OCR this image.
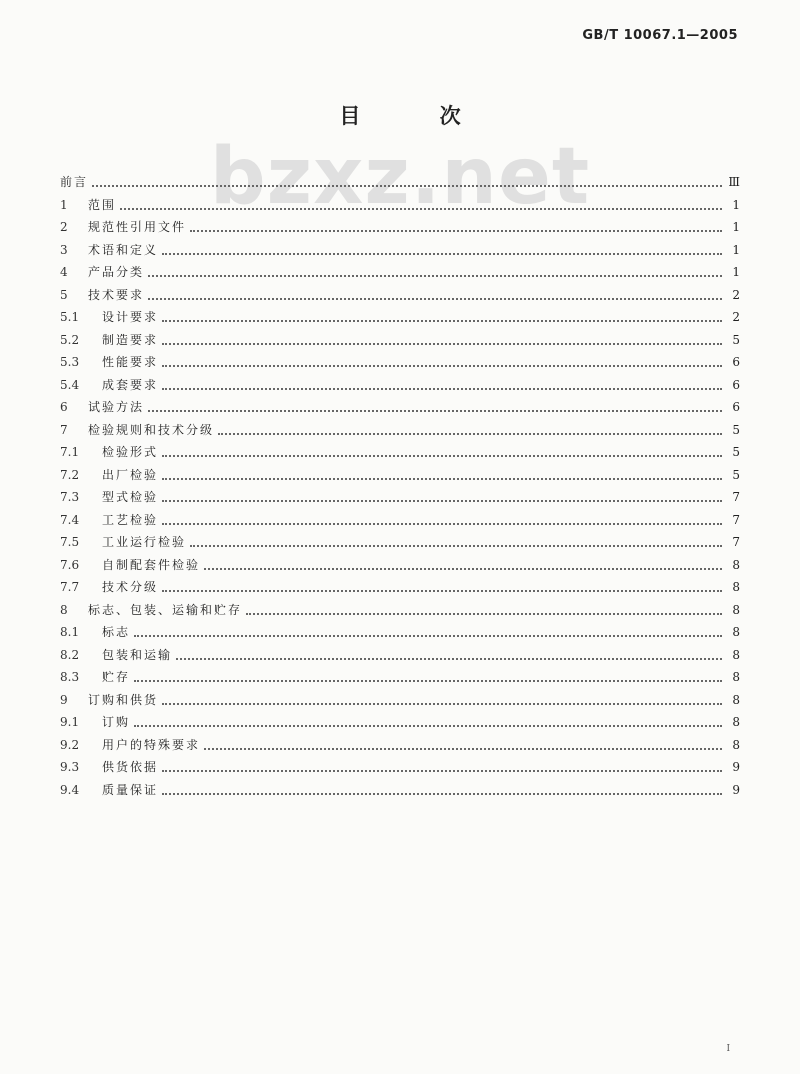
GB/T 10067.1—2005
bzxz.net
目 次
前言	Ⅲ
1	范围	1
2	规范性引用文件	1
3	术语和定义	1
4	产品分类	1
5	技术要求	2
5.1	设计要求	2
5.2	制造要求	5
5.3	性能要求	6
5.4	成套要求	6
6	试验方法	6
7	检验规则和技术分级	5
7.1	检验形式	5
7.2	出厂检验	5
7.3	型式检验	7
7.4	工艺检验	7
7.5	工业运行检验	7
7.6	自制配套件检验	8
7.7	技术分级	8
8	标志、包装、运输和贮存	8
8.1	标志	8
8.2	包装和运输	8
8.3	贮存	8
9	订购和供货	8
9.1	订购	8
9.2	用户的特殊要求	8
9.3	供货依据	9
9.4	质量保证	9
I
